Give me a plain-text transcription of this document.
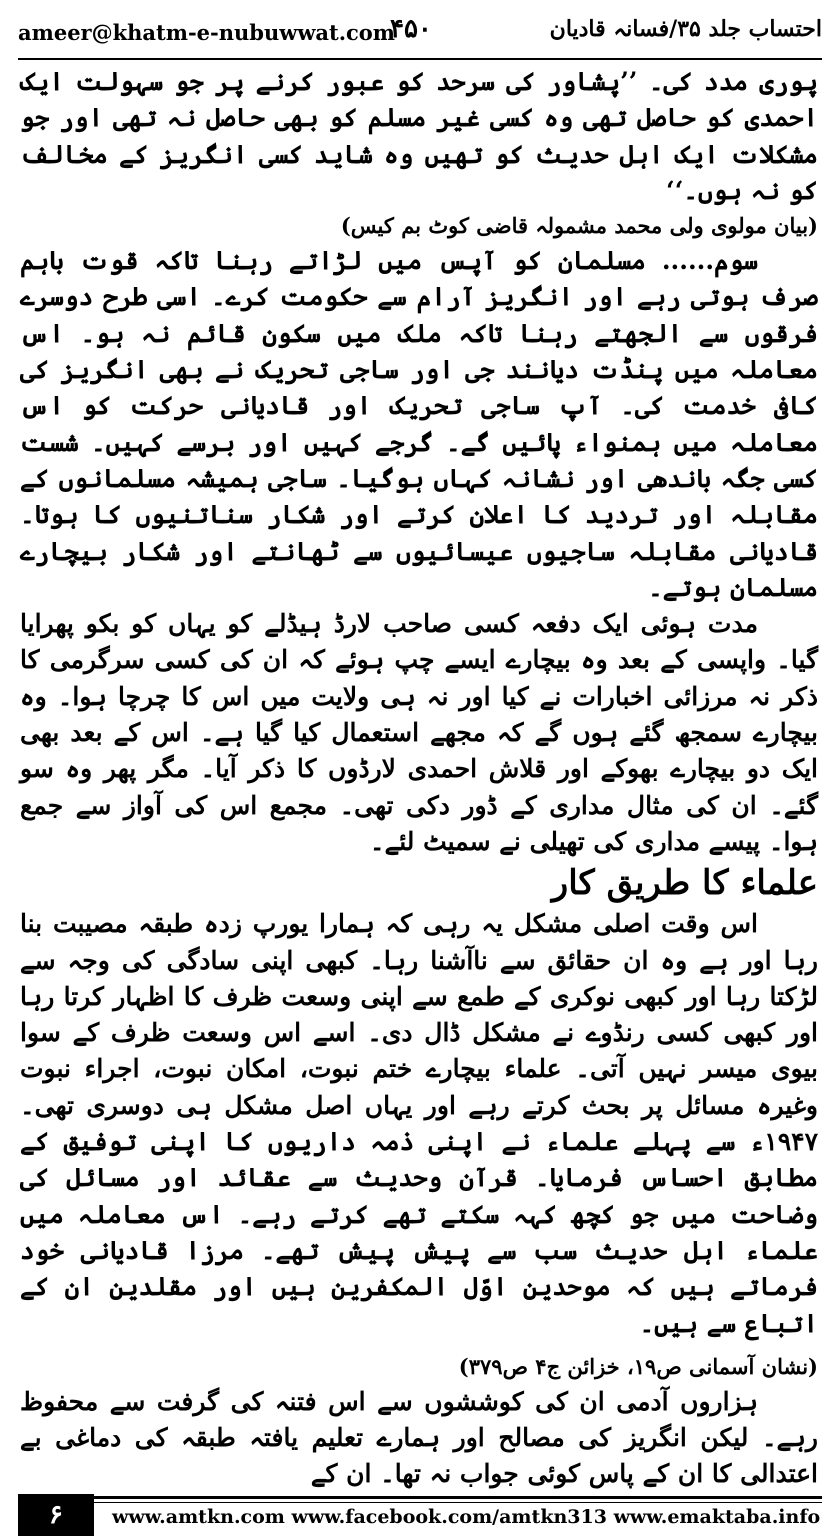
ameer@khatm-e-nubuwwat.com
۴۵۰	احتساب جلد ۳۵/فسانہ قادیان

پوری مدد کی۔ ’’پشاور کی سرحد کو عبور کرنے پر جو سہولت ایک احمدی کو حاصل تھی وہ کسی غیر مسلم کو بھی حاصل نہ تھی اور جو مشکلات ایک اہل حدیث کو تھیں وہ شاید کسی انگریز کے مخالف کو نہ ہوں۔‘‘

(بیان مولوی ولی محمد مشمولہ قاضی کوٹ بم کیس)

سوم...... مسلمان کو آپس میں لڑاتے رہنا تاکہ قوت باہم صرف ہوتی رہے اور انگریز آرام سے حکومت کرے۔ اسی طرح دوسرے فرقوں سے الجھتے رہنا تاکہ ملک میں سکون قائم نہ ہو۔ اس معاملہ میں پنڈت دیانند جی اور ساجی تحریک نے بھی انگریز کی کافی خدمت کی۔ آپ ساجی تحریک اور قادیانی حرکت کو اس معاملہ میں ہمنواء پائیں گے۔ گرجے کہیں اور برسے کہیں۔ شست کسی جگہ باندھی اور نشانہ کہاں ہوگیا۔ ساجی ہمیشہ مسلمانوں کے مقابلہ اور تردید کا اعلان کرتے اور شکار سناتنیوں کا ہوتا۔ قادیانی مقابلہ ساجیوں عیسائیوں سے ٹھانتے اور شکار بیچارے مسلمان ہوتے۔

مدت ہوئی ایک دفعہ کسی صاحب لارڈ ہیڈلے کو یہاں کو بکو پھرایا گیا۔ واپسی کے بعد وہ بیچارے ایسے چپ ہوئے کہ ان کی کسی سرگرمی کا ذکر نہ مرزائی اخبارات نے کیا اور نہ ہی ولایت میں اس کا چرچا ہوا۔ وہ بیچارے سمجھ گئے ہوں گے کہ مجھے استعمال کیا گیا ہے۔ اس کے بعد بھی ایک دو بیچارے بھوکے اور قلاش احمدی لارڈوں کا ذکر آیا۔ مگر پھر وہ سو گئے۔ ان کی مثال مداری کے ڈور دکی تھی۔ مجمع اس کی آواز سے جمع ہوا۔ پیسے مداری کی تھیلی نے سمیٹ لئے۔

علماء کا طریق کار

اس وقت اصلی مشکل یہ رہی کہ ہمارا یورپ زدہ طبقہ مصیبت بنا رہا اور ہے وہ ان حقائق سے ناآشنا رہا۔ کبھی اپنی سادگی کی وجہ سے لڑکتا رہا اور کبھی نوکری کے طمع سے اپنی وسعت ظرف کا اظہار کرتا رہا اور کبھی کسی رنڈوے نے مشکل ڈال دی۔ اسے اس وسعت ظرف کے سوا بیوی میسر نہیں آتی۔ علماء بیچارے ختم نبوت، امکان نبوت، اجراء نبوت وغیرہ مسائل پر بحث کرتے رہے اور یہاں اصل مشکل ہی دوسری تھی۔ ۱۹۴۷ء سے پہلے علماء نے اپنی ذمہ داریوں کا اپنی توفیق کے مطابق احساس فرمایا۔ قرآن وحدیث سے عقائد اور مسائل کی وضاحت میں جو کچھ کہہ سکتے تھے کرتے رہے۔ اس معاملہ میں علماء اہل حدیث سب سے پیش پیش تھے۔ مرزا قادیانی خود فرماتے ہیں کہ موحدین اوّل المکفرین ہیں اور مقلدین ان کے اتباع سے ہیں۔

(نشان آسمانی ص۱۹، خزائن ج۴ ص۳۷۹)

ہزاروں آدمی ان کی کوششوں سے اس فتنہ کی گرفت سے محفوظ رہے۔ لیکن انگریز کی مصالح اور ہمارے تعلیم یافتہ طبقہ کی دماغی بے اعتدالی کا ان کے پاس کوئی جواب نہ تھا۔ ان کے

۶	www.amtkn.com www.facebook.com/amtkn313 www.emaktaba.info
